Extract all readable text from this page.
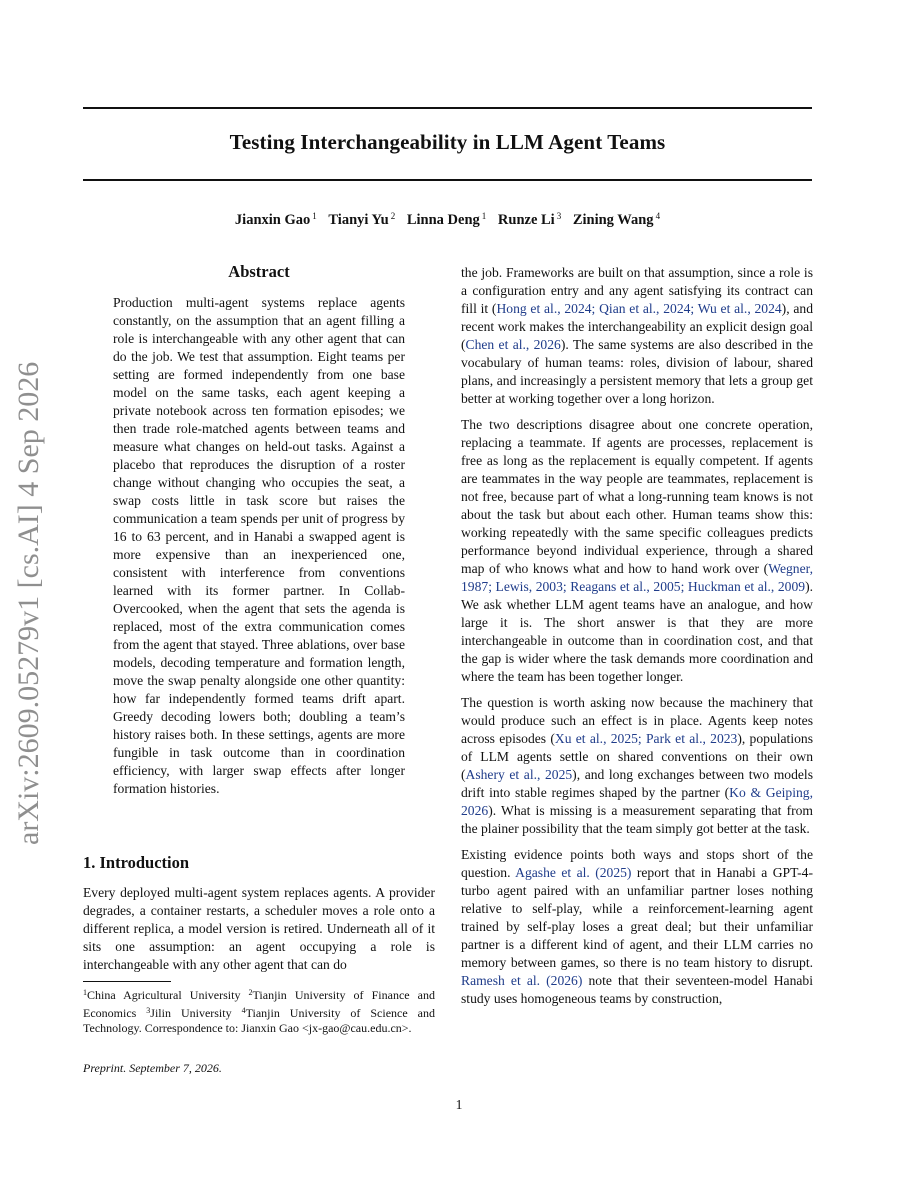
Testing Interchangeability in LLM Agent Teams
Jianxin Gao $^1$ Tianyi Yu $^2$ Linna Deng $^1$ Runze Li $^3$ Zining Wang $^4$
arXiv:2609.05279v1 [cs.AI] 4 Sep 2026
Abstract

Production multi-agent systems replace agents constantly, on the assumption that an agent filling a role is interchangeable with any other agent that can do the job. We test that assumption. Eight teams per setting are formed independently from one base model on the same tasks, each agent keeping a private notebook across ten formation episodes; we then trade role-matched agents between teams and measure what changes on held-out tasks. Against a placebo that reproduces the disruption of a roster change without changing who occupies the seat, a swap costs little in task score but raises the communication a team spends per unit of progress by 16 to 63 percent, and in Hanabi a swapped agent is more expensive than an inexperienced one, consistent with interference from conventions learned with its former partner. In Collab-Overcooked, when the agent that sets the agenda is replaced, most of the extra communication comes from the agent that stayed. Three ablations, over base models, decoding temperature and formation length, move the swap penalty alongside one other quantity: how far independently formed teams drift apart. Greedy decoding lowers both; doubling a team’s history raises both. In these settings, agents are more fungible in task outcome than in coordination efficiency, with larger swap effects after longer formation histories.

1. Introduction

Every deployed multi-agent system replaces agents. A provider degrades, a container restarts, a scheduler moves a role onto a different replica, a model version is retired. Underneath all of it sits one assumption: an agent occupying a role is interchangeable with any other agent that can do

$^1$China Agricultural University $^2$Tianjin University of Finance and Economics $^3$Jilin University $^4$Tianjin University of Science and Technology. Correspondence to: Jianxin Gao <jx-gao@cau.edu.cn>.

Preprint. September 7, 2026.
1

the job. Frameworks are built on that assumption, since a role is a configuration entry and any agent satisfying its contract can fill it (Hong et al., 2024; Qian et al., 2024; Wu et al., 2024), and recent work makes the interchangeability an explicit design goal (Chen et al., 2026). The same systems are also described in the vocabulary of human teams: roles, division of labour, shared plans, and increasingly a persistent memory that lets a group get better at working together over a long horizon.

The two descriptions disagree about one concrete operation, replacing a teammate. If agents are processes, replacement is free as long as the replacement is equally competent. If agents are teammates in the way people are teammates, replacement is not free, because part of what a long-running team knows is not about the task but about each other. Human teams show this: working repeatedly with the same specific colleagues predicts performance beyond individual experience, through a shared map of who knows what and how to hand work over (Wegner, 1987; Lewis, 2003; Reagans et al., 2005; Huckman et al., 2009). We ask whether LLM agent teams have an analogue, and how large it is. The short answer is that they are more interchangeable in outcome than in coordination cost, and that the gap is wider where the task demands more coordination and where the team has been together longer.

The question is worth asking now because the machinery that would produce such an effect is in place. Agents keep notes across episodes (Xu et al., 2025; Park et al., 2023), populations of LLM agents settle on shared conventions on their own (Ashery et al., 2025), and long exchanges between two models drift into stable regimes shaped by the partner (Ko & Geiping, 2026). What is missing is a measurement separating that from the plainer possibility that the team simply got better at the task.

Existing evidence points both ways and stops short of the question. Agashe et al. (2025) report that in Hanabi a GPT-4-turbo agent paired with an unfamiliar partner loses nothing relative to self-play, while a reinforcement-learning agent trained by self-play loses a great deal; but their unfamiliar partner is a different kind of agent, and their LLM carries no memory between games, so there is no team history to disrupt. Ramesh et al. (2026) note that their seventeen-model Hanabi study uses homogeneous teams by construction,
